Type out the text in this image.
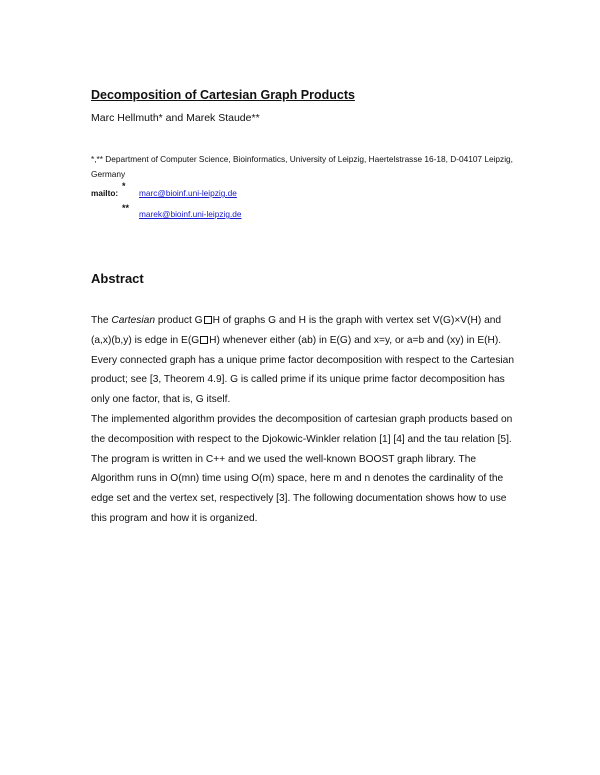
Decomposition of Cartesian Graph Products
Marc Hellmuth* and Marek Staude**
*,** Department of Computer Science, Bioinformatics, University of Leipzig, Haertelstrasse 16-18, D-04107 Leipzig, Germany
mailto:
*
marc@bioinf.uni-leipzig.de
**
marek@bioinf.uni-leipzig.de
Abstract

The Cartesian product G H of graphs G and H is the graph with vertex set V(G)×V(H) and (a,x)(b,y) is edge in E(G H) whenever either (ab) in E(G) and x=y, or a=b and (xy) in E(H). Every connected graph has a unique prime factor decomposition with respect to the Cartesian product; see [3, Theorem 4.9]. G is called prime if its unique prime factor decomposition has only one factor, that is, G itself.

The implemented algorithm provides the decomposition of cartesian graph products based on the decomposition with respect to the Djokowic-Winkler relation [1] [4] and the tau relation [5]. The program is written in C++ and we used the well-known BOOST graph library. The Algorithm runs in O(mn) time using O(m) space, here m and n denotes the cardinality of the edge set and the vertex set, respectively [3]. The following documentation shows how to use this program and how it is organized.
